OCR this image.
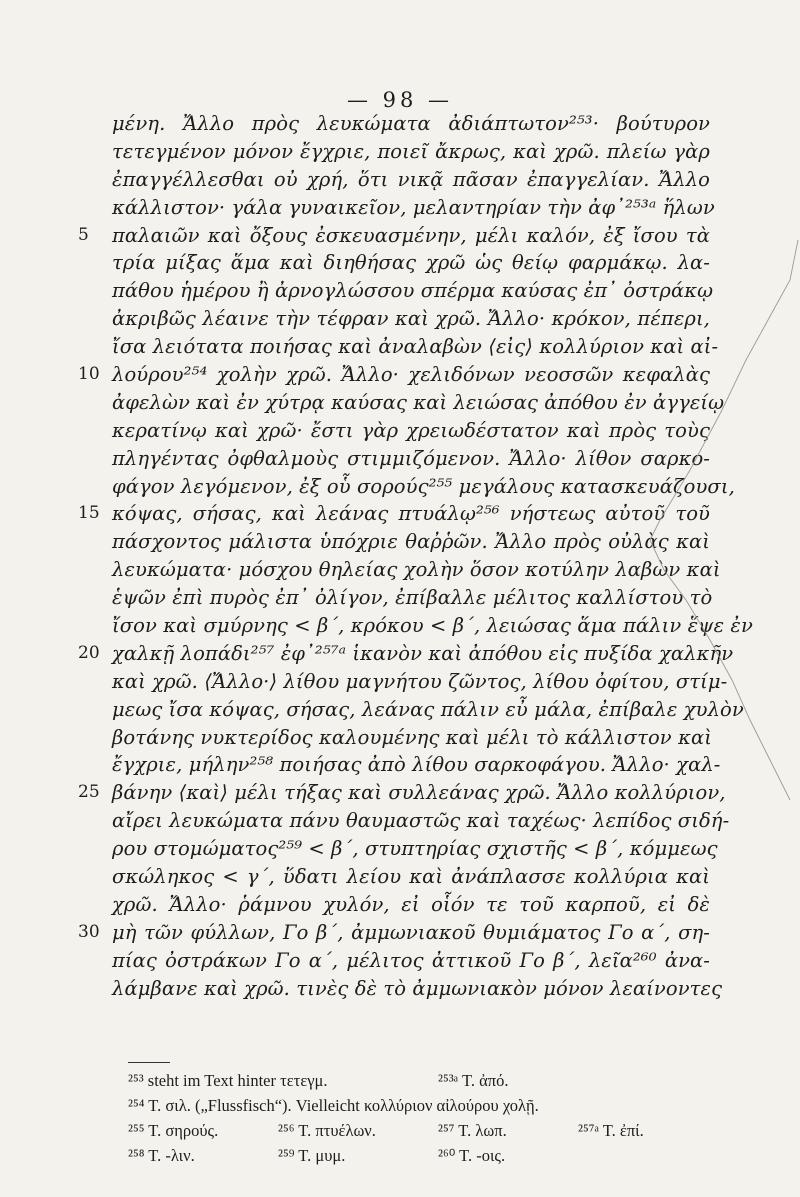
— 98 —
μένη. Ἄλλο πρὸς λευκώματα ἀδιάπτωτον²⁵³· βούτυρον
τετεγμένον μόνον ἔγχριε, ποιεῖ ἄκρως, καὶ χρῶ. πλείω γὰρ
ἐπαγγέλλεσθαι οὐ χρή, ὅτι νικᾷ πᾶσαν ἐπαγγελίαν. Ἄλλο
κάλλιστον· γάλα γυναικεῖον, μελαντηρίαν τὴν ἀφ᾽²⁵³ᵃ ἥλων
5	παλαιῶν καὶ ὄξους ἐσκευασμένην, μέλι καλόν, ἐξ ἴσου τὰ
τρία μίξας ἅμα καὶ διηθήσας χρῶ ὡς θείῳ φαρμάκῳ. λα-
πάθου ἡμέρου ἢ ἀρνογλώσσου σπέρμα καύσας ἐπ᾽ ὀστράκῳ
ἀκριβῶς λέαινε τὴν τέφραν καὶ χρῶ. Ἄλλο· κρόκον, πέπερι,
ἴσα λειότατα ποιήσας καὶ ἀναλαβὼν ⟨εἰς⟩ κολλύριον καὶ αἰ-
10 λούρου²⁵⁴ χολὴν χρῶ. Ἄλλο· χελιδόνων νεοσσῶν κεφαλὰς
ἀφελὼν καὶ ἐν χύτρᾳ καύσας καὶ λειώσας ἀπόθου ἐν ἀγγείῳ
κερατίνῳ καὶ χρῶ· ἔστι γὰρ χρειωδέστατον καὶ πρὸς τοὺς
πληγέντας ὀφθαλμοὺς στιμμιζόμενον. Ἄλλο· λίθον σαρκο-
φάγον λεγόμενον, ἐξ οὗ σορούς²⁵⁵ μεγάλους κατασκευάζουσι,
15 κόψας, σήσας, καὶ λεάνας πτυάλῳ²⁵⁶ νήστεως αὐτοῦ τοῦ
πάσχοντος μάλιστα ὑπόχριε θαῤῥῶν. Ἄλλο πρὸς οὐλὰς καὶ
λευκώματα· μόσχου θηλείας χολὴν ὅσον κοτύλην λαβὼν καὶ
ἑψῶν ἐπὶ πυρὸς ἐπ᾽ ὀλίγον, ἐπίβαλλε μέλιτος καλλίστου τὸ
ἴσον καὶ σμύρνης < β΄, κρόκου < β΄, λειώσας ἅμα πάλιν ἕψε ἐν
20 χαλκῇ λοπάδι²⁵⁷ ἐφ᾽²⁵⁷ᵃ ἱκανὸν καὶ ἀπόθου εἰς πυξίδα χαλκῆν
καὶ χρῶ. ⟨Ἄλλο·⟩ λίθου μαγνήτου ζῶντος, λίθου ὀφίτου, στίμ-
μεως ἴσα κόψας, σήσας, λεάνας πάλιν εὖ μάλα, ἐπίβαλε χυλὸν
βοτάνης νυκτερίδος καλουμένης καὶ μέλι τὸ κάλλιστον καὶ
ἔγχριε, μήλην²⁵⁸ ποιήσας ἀπὸ λίθου σαρκοφάγου. Ἄλλο· χαλ-
25 βάνην ⟨καὶ⟩ μέλι τήξας καὶ συλλεάνας χρῶ. Ἄλλο κολλύριον,
αἴρει λευκώματα πάνυ θαυμαστῶς καὶ ταχέως· λεπίδος σιδή-
ρου στομώματος²⁵⁹ < β΄, στυπτηρίας σχιστῆς < β΄, κόμμεως
σκώληκος < γ΄, ὕδατι λείου καὶ ἀνάπλασσε κολλύρια καὶ
χρῶ. Ἄλλο· ῥάμνου χυλόν, εἰ οἷόν τε τοῦ καρποῦ, εἰ δὲ
30 μὴ τῶν φύλλων, Γο β΄, ἀμμωνιακοῦ θυμιάματος Γο α΄, ση-
πίας ὀστράκων Γο α΄, μέλιτος ἀττικοῦ Γο β΄, λεῖα²⁶⁰ ἀνα-
λάμβανε καὶ χρῶ. τινὲς δὲ τὸ ἀμμωνιακὸν μόνον λεαίνοντες
²⁵³ steht im Text hinter τετεγμ.	²⁵³ᵃ T. ἀπό.
²⁵⁴ T. σιλ. („Flussfisch“). Vielleicht κολλύριον αἰλούρου χολῇ.
²⁵⁵ T. σηρούς.	²⁵⁶ T. πτυέλων.	²⁵⁷ T. λωπ.	²⁵⁷ᵃ T. ἐπί.
²⁵⁸ T. -λιν.	²⁵⁹ T. μυμ.	²⁶⁰ T. -οις.
